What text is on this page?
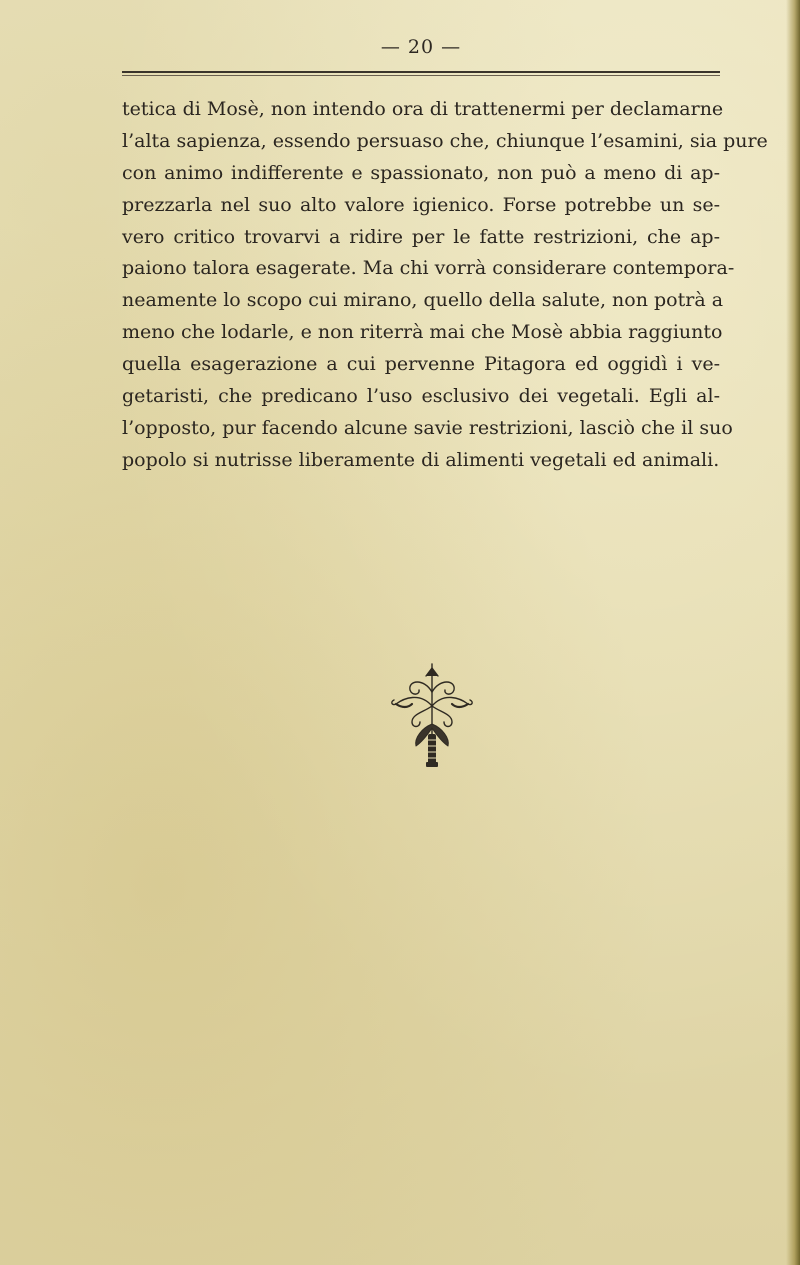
— 20 —
tetica di Mosè, non intendo ora di trattenermi per declamarne
l’alta sapienza, essendo persuaso che, chiunque l’esamini, sia pure
con animo indifferente e spassionato, non può a meno di ap-
prezzarla nel suo alto valore igienico. Forse potrebbe un se-
vero critico trovarvi a ridire per le fatte restrizioni, che ap-
paiono talora esagerate. Ma chi vorrà considerare contempora-
neamente lo scopo cui mirano, quello della salute, non potrà a
meno che lodarle, e non riterrà mai che Mosè abbia raggiunto
quella esagerazione a cui pervenne Pitagora ed oggidì i ve-
getaristi, che predicano l’uso esclusivo dei vegetali. Egli al-
l’opposto, pur facendo alcune savie restrizioni, lasciò che il suo
popolo si nutrisse liberamente di alimenti vegetali ed animali.
